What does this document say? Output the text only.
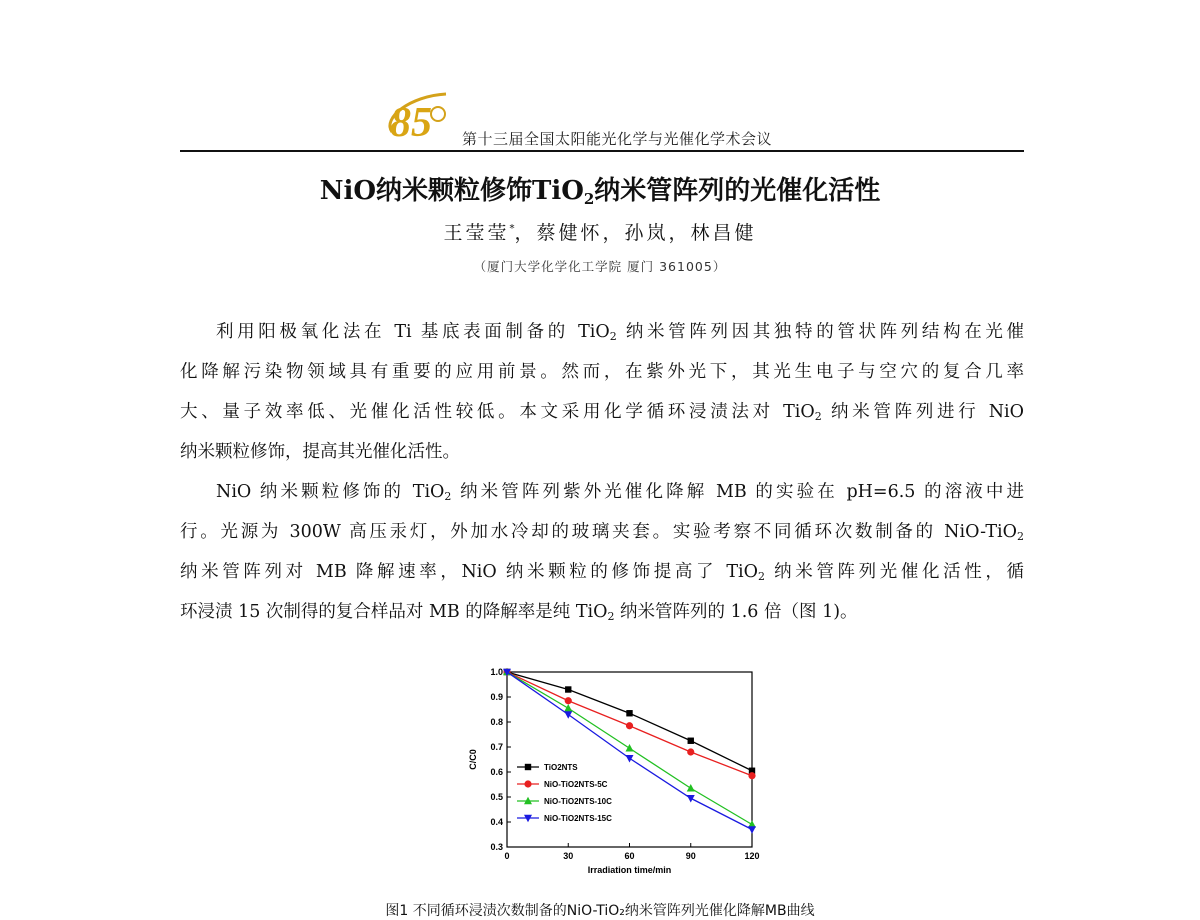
85 第十三届全国太阳能光化学与光催化学术会议
NiO纳米颗粒修饰TiO$_2$纳米管阵列的光催化活性
王莹莹*，蔡健怀，孙岚，林昌健
（厦门大学化学化工学院 厦门 361005）
利用阳极氧化法在 Ti 基底表面制备的 TiO$_2$ 纳米管阵列因其独特的管状阵列结构在光催
化降解污染物领域具有重要的应用前景。然而，在紫外光下，其光生电子与空穴的复合几率
大、量子效率低、光催化活性较低。本文采用化学循环浸渍法对 TiO$_2$ 纳米管阵列进行 NiO
纳米颗粒修饰，提高其光催化活性。
NiO 纳米颗粒修饰的 TiO$_2$ 纳米管阵列紫外光催化降解 MB 的实验在 pH=6.5 的溶液中进
行。光源为 300W 高压汞灯，外加水冷却的玻璃夹套。实验考察不同循环次数制备的 NiO-TiO$_2$
纳米管阵列对 MB 降解速率，NiO 纳米颗粒的修饰提高了 TiO$_2$ 纳米管阵列光催化活性，循
环浸渍 15 次制得的复合样品对 MB 的降解率是纯 TiO$_2$ 纳米管阵列的 1.6 倍（图 1)。
0.3
0.4
0.5
0.6
0.7
0.8
0.9
1.0
0	30	60	90	120
Irradiation time/min
C/C0	TiO2NTS
NiO-TiO2NTS-5C
NiO-TiO2NTS-10C
NiO-TiO2NTS-15C
图1 不同循环浸渍次数制备的NiO-TiO₂纳米管阵列光催化降解MB曲线
